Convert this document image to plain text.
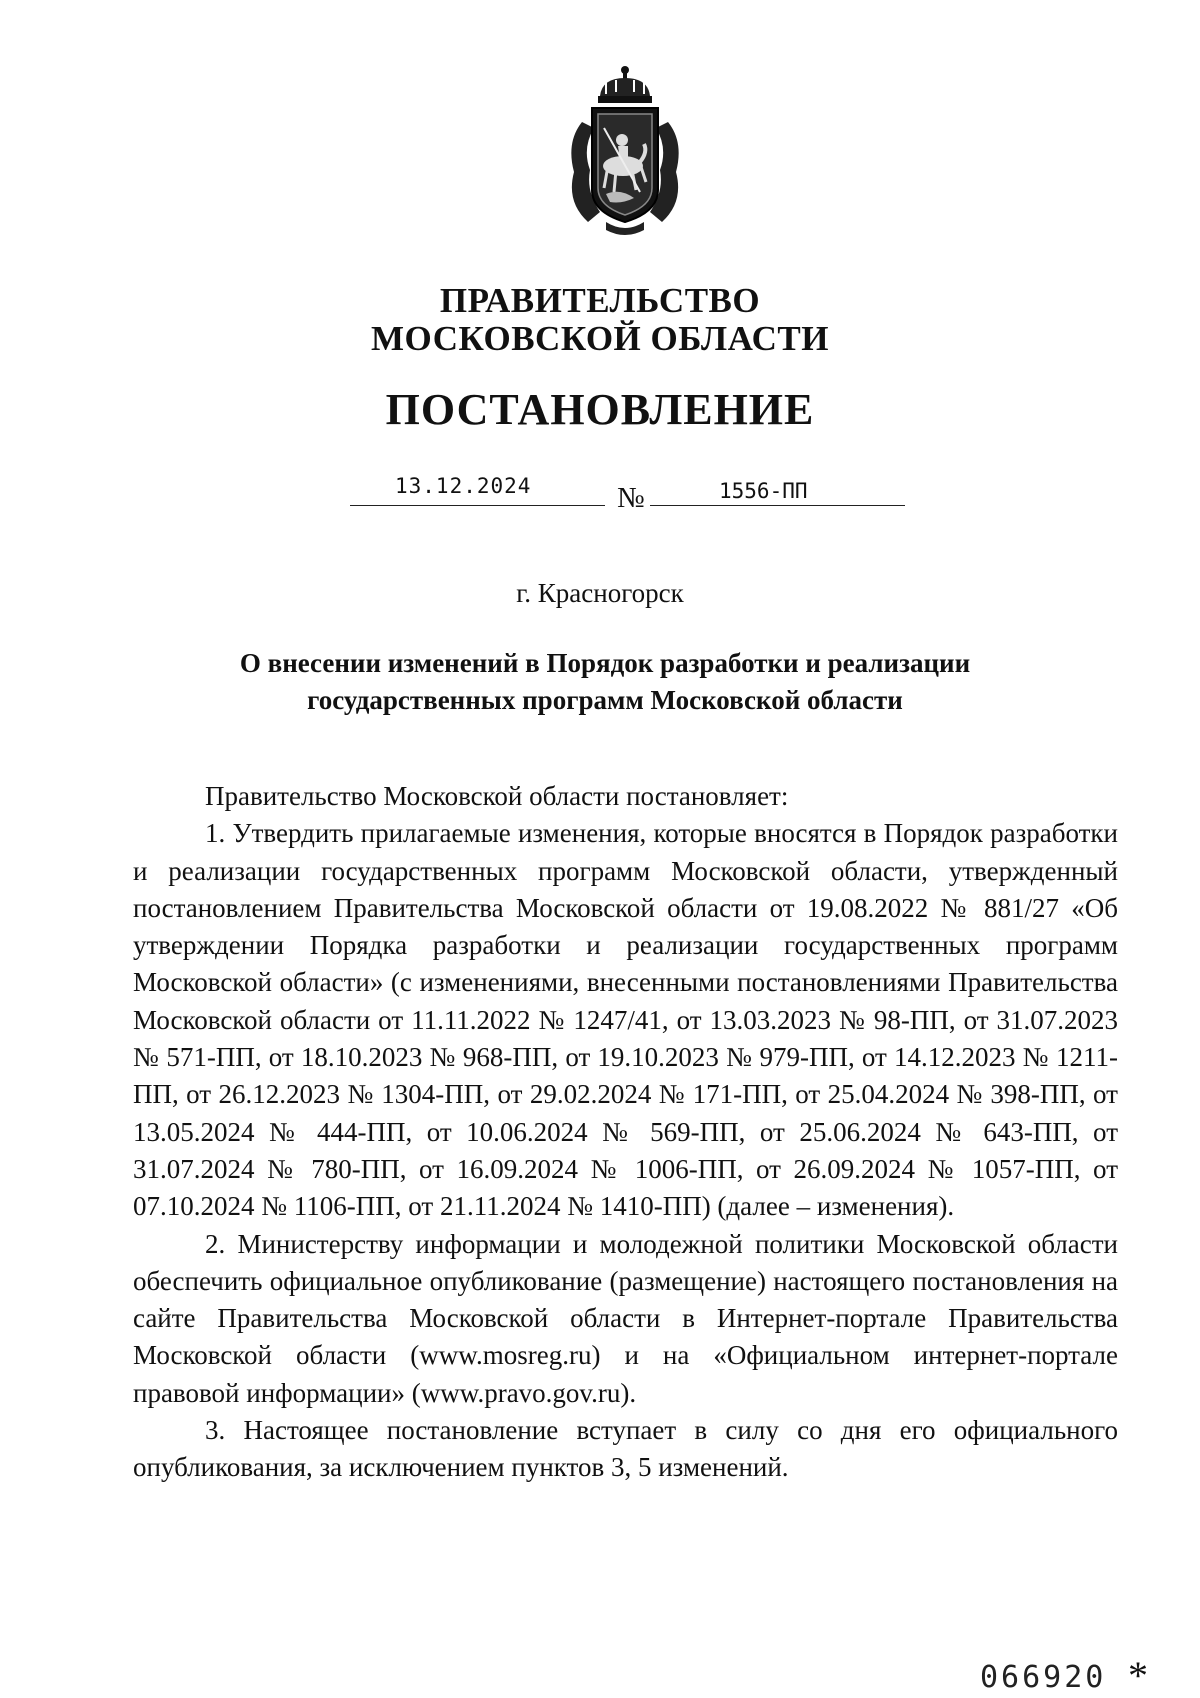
ПРАВИТЕЛЬСТВО
МОСКОВСКОЙ ОБЛАСТИ
ПОСТАНОВЛЕНИЕ
13.12.2024	№	1556-ПП
г. Красногорск
О внесении изменений в Порядок разработки и реализации
государственных программ Московской области

Правительство Московской области постановляет:

1. Утвердить прилагаемые изменения, которые вносятся в Порядок разработки и реализации государственных программ Московской области, утвержденный постановлением Правительства Московской области от 19.08.2022 № 881/27 «Об утверждении Порядка разработки и реализации государственных программ Московской области» (с изменениями, внесенными постановлениями Правительства Московской области от 11.11.2022 № 1247/41, от 13.03.2023 № 98-ПП, от 31.07.2023 № 571-ПП, от 18.10.2023 № 968-ПП, от 19.10.2023 № 979-ПП, от 14.12.2023 № 1211-ПП, от 26.12.2023 № 1304-ПП, от 29.02.2024 № 171-ПП, от 25.04.2024 № 398-ПП, от 13.05.2024 № 444-ПП, от 10.06.2024 № 569-ПП, от 25.06.2024 № 643-ПП, от 31.07.2024 № 780-ПП, от 16.09.2024 № 1006-ПП, от 26.09.2024 № 1057-ПП, от 07.10.2024 № 1106-ПП, от 21.11.2024 № 1410-ПП) (далее – изменения).

2. Министерству информации и молодежной политики Московской области обеспечить официальное опубликование (размещение) настоящего постановления на сайте Правительства Московской области в Интернет-портале Правительства Московской области (www.mosreg.ru) и на «Официальном интернет-портале правовой информации» (www.pravo.gov.ru).

3. Настоящее постановление вступает в силу со дня его официального опубликования, за исключением пунктов 3, 5 изменений.

066920 *
